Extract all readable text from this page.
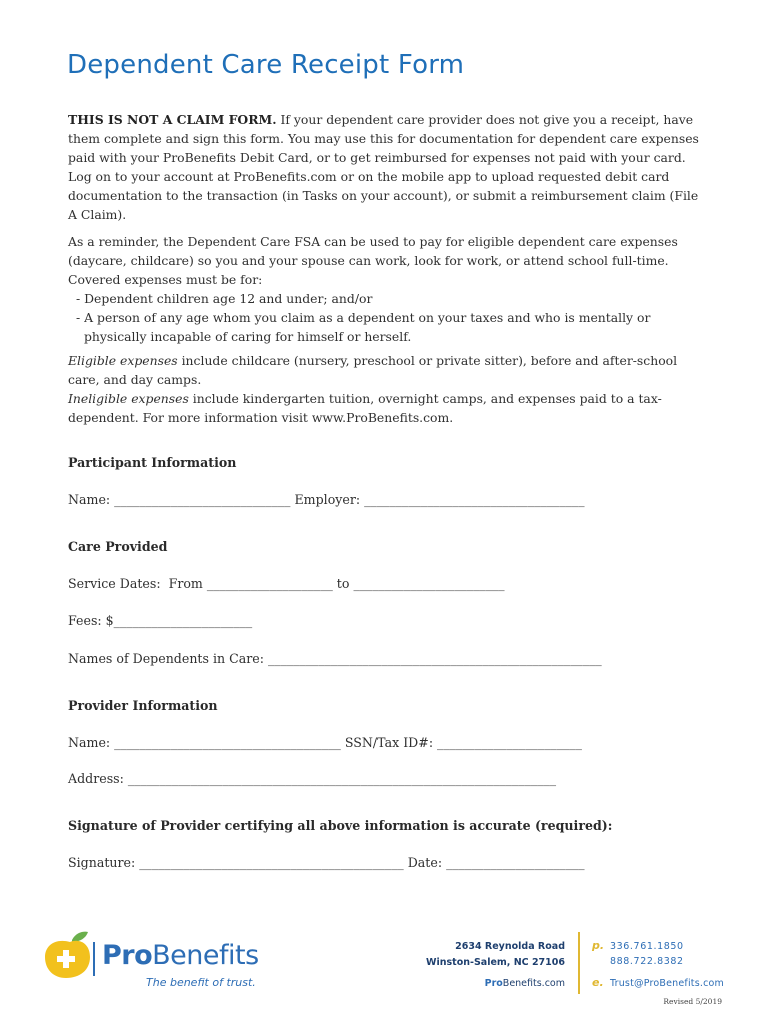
Dependent Care Receipt Form
THIS IS NOT A CLAIM FORM. If your dependent care provider does not give you a receipt, have them complete and sign this form. You may use this for documentation for dependent care expenses paid with your ProBenefits Debit Card, or to get reimbursed for expenses not paid with your card. Log on to your account at ProBenefits.com or on the mobile app to upload requested debit card documentation to the transaction (in Tasks on your account), or submit a reimbursement claim (File A Claim).
As a reminder, the Dependent Care FSA can be used to pay for eligible dependent care expenses (daycare, childcare) so you and your spouse can work, look for work, or attend school full-time. Covered expenses must be for:
- Dependent children age 12 and under; and/or
- A person of any age whom you claim as a dependent on your taxes and who is mentally or physically incapable of caring for himself or herself.
Eligible expenses include childcare (nursery, preschool or private sitter), before and after-school care, and day camps.
Ineligible expenses include kindergarten tuition, overnight camps, and expenses paid to a tax-dependent. For more information visit www.ProBenefits.com.
Participant Information
Name: ____________________________ Employer: ___________________________________
Care Provided
Service Dates:  From ____________________ to ________________________
Fees: $______________________
Names of Dependents in Care: _____________________________________________________
Provider Information
Name: ____________________________________ SSN/Tax ID#: _______________________
Address: ____________________________________________________________________
Signature of Provider certifying all above information is accurate (required):
Signature: __________________________________________ Date: ______________________
ProBenefits
The benefit of trust.
2634 Reynolda Road
Winston-Salem, NC 27106
ProBenefits.com
p. 336.761.1850
888.722.8382
e. Trust@ProBenefits.com
Revised 5/2019
